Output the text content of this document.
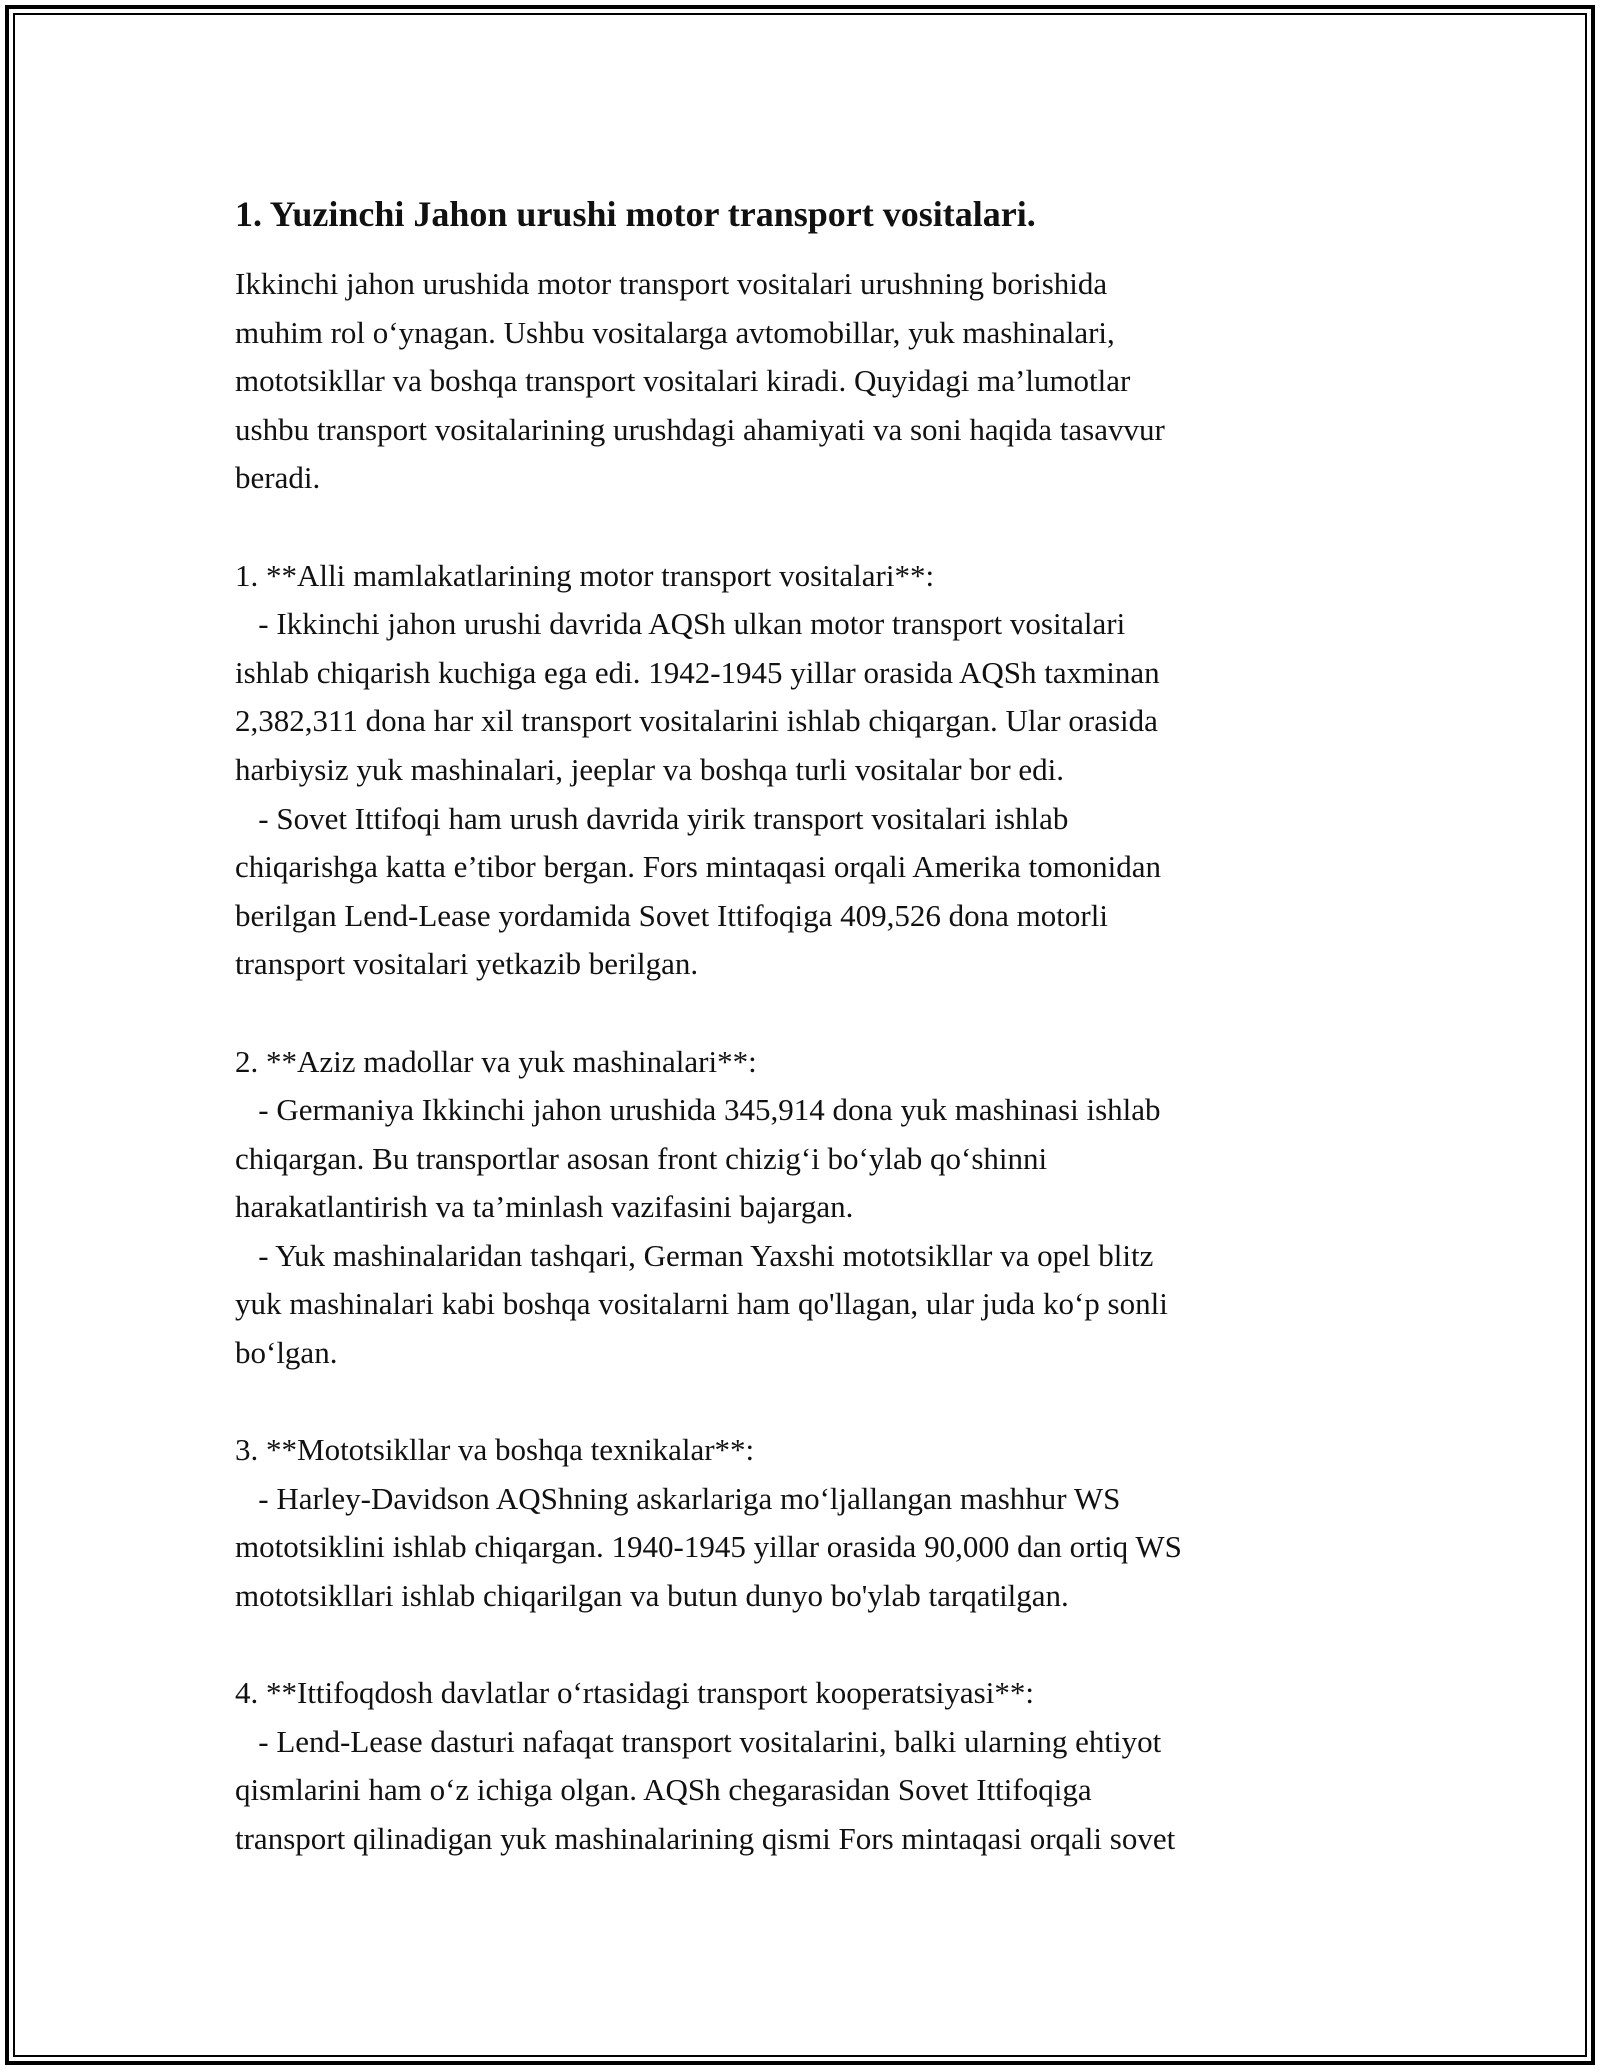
1. Yuzinchi Jahon urushi motor transport vositalari.
Ikkinchi jahon urushida motor transport vositalari urushning borishida
muhim rol o‘ynagan. Ushbu vositalarga avtomobillar, yuk mashinalari,
mototsikllar va boshqa transport vositalari kiradi. Quyidagi ma’lumotlar
ushbu transport vositalarining urushdagi ahamiyati va soni haqida tasavvur
beradi.
1. **Alli mamlakatlarining motor transport vositalari**:
- Ikkinchi jahon urushi davrida AQSh ulkan motor transport vositalari
ishlab chiqarish kuchiga ega edi. 1942-1945 yillar orasida AQSh taxminan
2,382,311 dona har xil transport vositalarini ishlab chiqargan. Ular orasida
harbiysiz yuk mashinalari, jeeplar va boshqa turli vositalar bor edi.
- Sovet Ittifoqi ham urush davrida yirik transport vositalari ishlab
chiqarishga katta e’tibor bergan. Fors mintaqasi orqali Amerika tomonidan
berilgan Lend-Lease yordamida Sovet Ittifoqiga 409,526 dona motorli
transport vositalari yetkazib berilgan.
2. **Aziz madollar va yuk mashinalari**:
- Germaniya Ikkinchi jahon urushida 345,914 dona yuk mashinasi ishlab
chiqargan. Bu transportlar asosan front chizig‘i bo‘ylab qo‘shinni
harakatlantirish va ta’minlash vazifasini bajargan.
- Yuk mashinalaridan tashqari, German Yaxshi mototsikllar va opel blitz
yuk mashinalari kabi boshqa vositalarni ham qo'llagan, ular juda ko‘p sonli
bo‘lgan.
3. **Mototsikllar va boshqa texnikalar**:
- Harley-Davidson AQShning askarlariga mo‘ljallangan mashhur WS
mototsiklini ishlab chiqargan. 1940-1945 yillar orasida 90,000 dan ortiq WS
mototsikllari ishlab chiqarilgan va butun dunyo bo'ylab tarqatilgan.
4. **Ittifoqdosh davlatlar o‘rtasidagi transport kooperatsiyasi**:
- Lend-Lease dasturi nafaqat transport vositalarini, balki ularning ehtiyot
qismlarini ham o‘z ichiga olgan. AQSh chegarasidan Sovet Ittifoqiga
transport qilinadigan yuk mashinalarining qismi Fors mintaqasi orqali sovet
